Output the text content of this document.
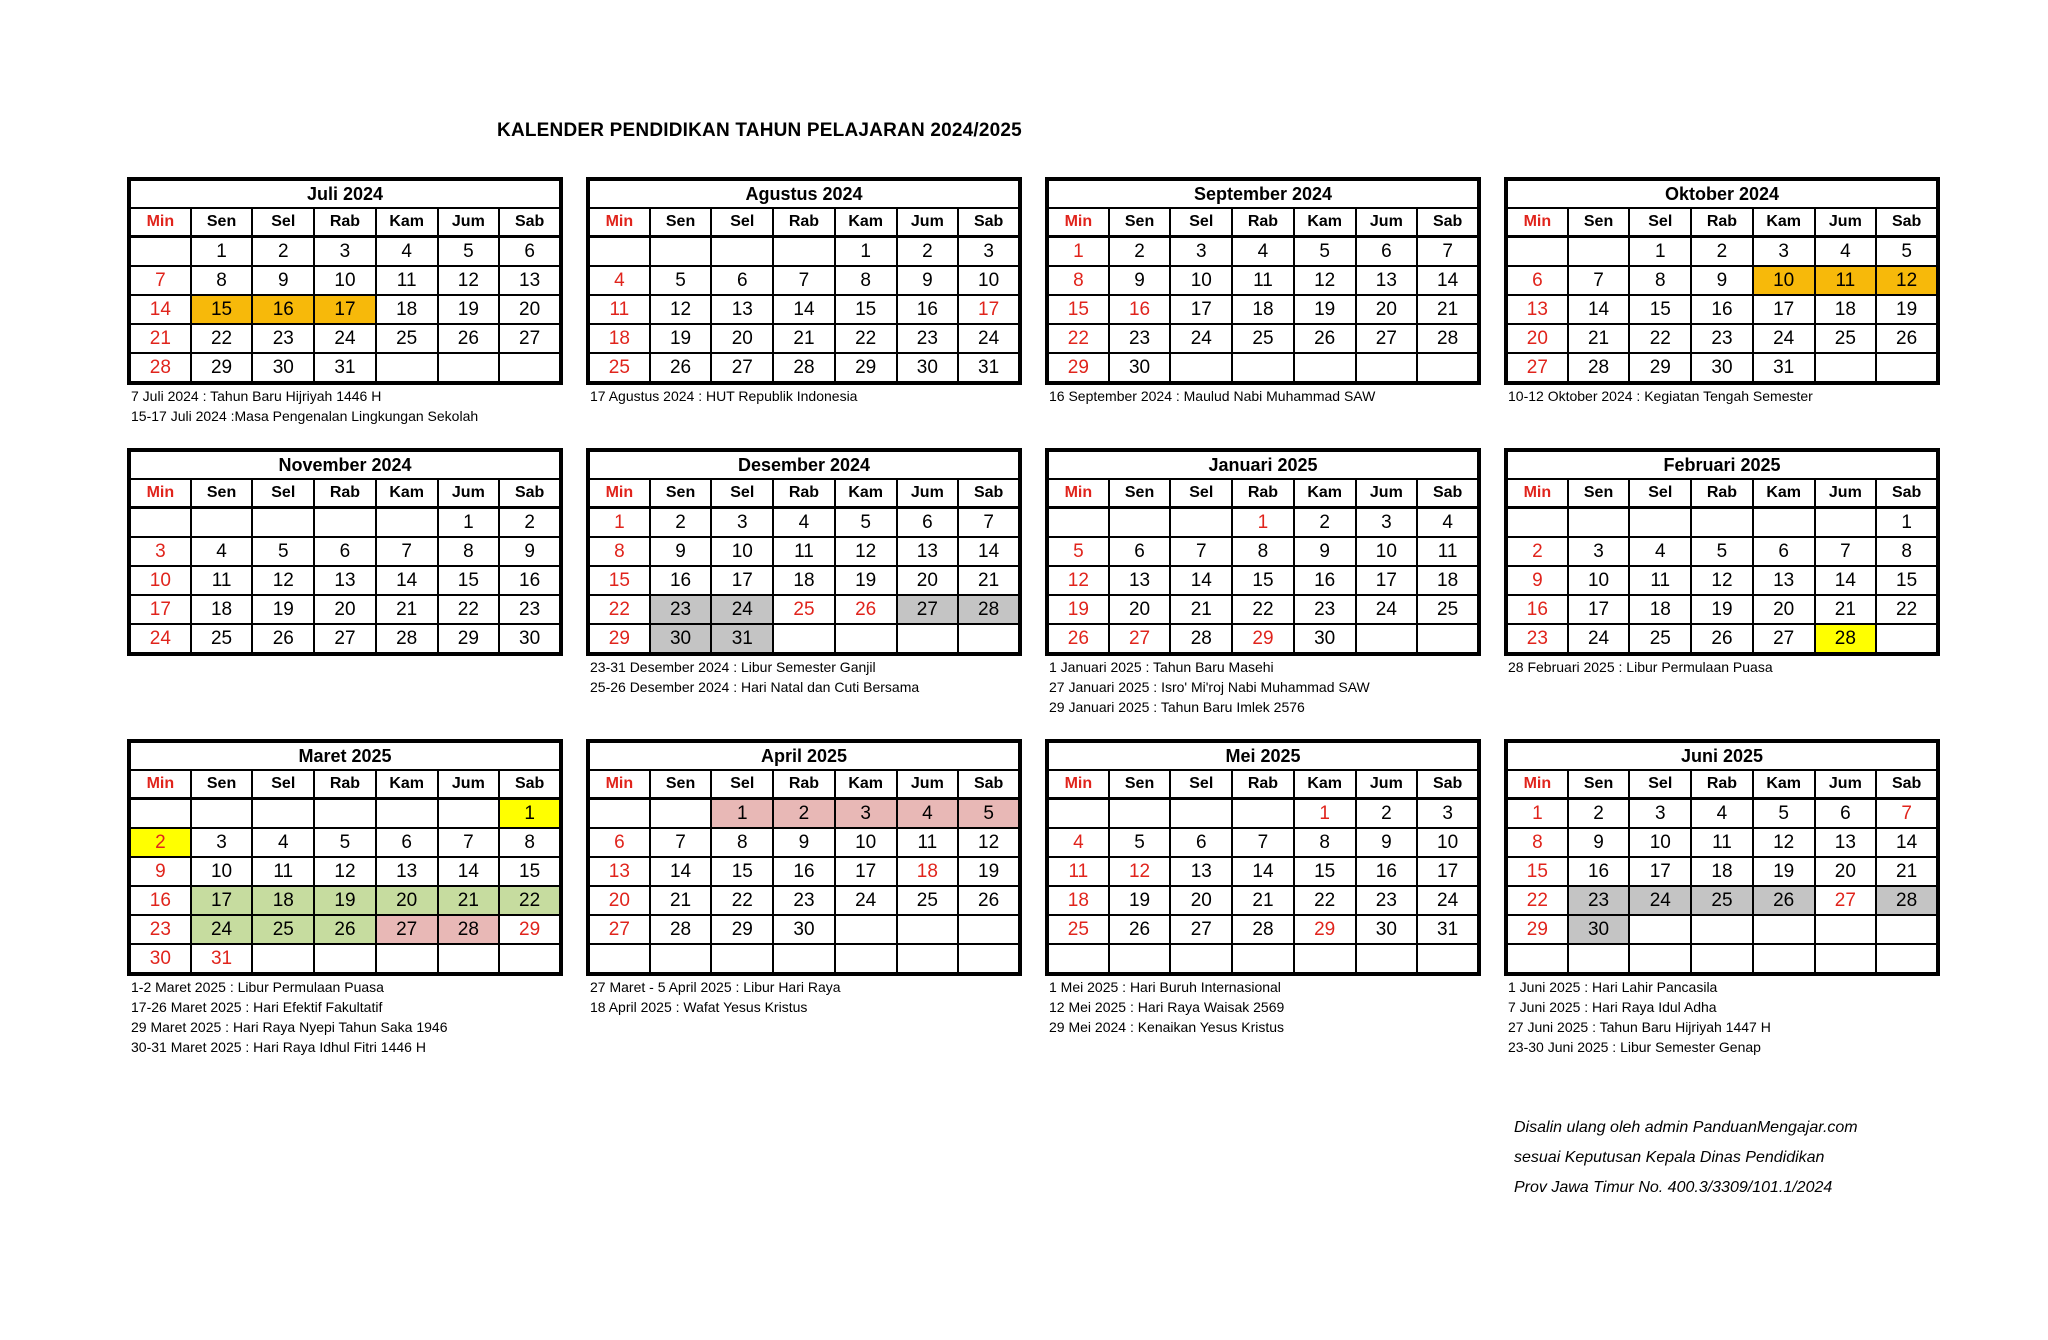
KALENDER PENDIDIKAN TAHUN PELAJARAN 2024/2025
Juli 2024						
Min	Sen	Sel	Rab	Kam	Jum	Sab
	1	2	3	4	5	6
7	8	9	10	11	12	13
14	15	16	17	18	19	20
21	22	23	24	25	26	27
28	29	30	31			
7 Juli 2024 : Tahun Baru Hijriyah 1446 H
15-17 Juli 2024 :Masa Pengenalan Lingkungan Sekolah
Agustus 2024						
Min	Sen	Sel	Rab	Kam	Jum	Sab
				1	2	3
4	5	6	7	8	9	10
11	12	13	14	15	16	17
18	19	20	21	22	23	24
25	26	27	28	29	30	31
17 Agustus 2024 : HUT Republik Indonesia
September 2024						
Min	Sen	Sel	Rab	Kam	Jum	Sab
1	2	3	4	5	6	7
8	9	10	11	12	13	14
15	16	17	18	19	20	21
22	23	24	25	26	27	28
29	30					
16 September 2024 : Maulud Nabi Muhammad SAW
Oktober 2024						
Min	Sen	Sel	Rab	Kam	Jum	Sab
		1	2	3	4	5
6	7	8	9	10	11	12
13	14	15	16	17	18	19
20	21	22	23	24	25	26
27	28	29	30	31		
10-12 Oktober 2024 : Kegiatan Tengah Semester
November 2024						
Min	Sen	Sel	Rab	Kam	Jum	Sab
					1	2
3	4	5	6	7	8	9
10	11	12	13	14	15	16
17	18	19	20	21	22	23
24	25	26	27	28	29	30
Desember 2024						
Min	Sen	Sel	Rab	Kam	Jum	Sab
1	2	3	4	5	6	7
8	9	10	11	12	13	14
15	16	17	18	19	20	21
22	23	24	25	26	27	28
29	30	31				
23-31 Desember 2024 : Libur Semester Ganjil
25-26 Desember 2024 : Hari Natal dan Cuti Bersama
Januari 2025						
Min	Sen	Sel	Rab	Kam	Jum	Sab
			1	2	3	4
5	6	7	8	9	10	11
12	13	14	15	16	17	18
19	20	21	22	23	24	25
26	27	28	29	30		
1 Januari 2025 : Tahun Baru Masehi
27 Januari 2025 : Isro' Mi'roj Nabi Muhammad SAW
29 Januari 2025 : Tahun Baru Imlek 2576
Februari 2025						
Min	Sen	Sel	Rab	Kam	Jum	Sab
						1
2	3	4	5	6	7	8
9	10	11	12	13	14	15
16	17	18	19	20	21	22
23	24	25	26	27	28	
28 Februari 2025 : Libur Permulaan Puasa
Maret 2025						
Min	Sen	Sel	Rab	Kam	Jum	Sab
						1
2	3	4	5	6	7	8
9	10	11	12	13	14	15
16	17	18	19	20	21	22
23	24	25	26	27	28	29
30	31					
1-2 Maret 2025 : Libur Permulaan Puasa
17-26 Maret 2025 : Hari Efektif Fakultatif
29 Maret 2025 : Hari Raya Nyepi Tahun Saka 1946
30-31 Maret 2025 : Hari Raya Idhul Fitri 1446 H
April 2025						
Min	Sen	Sel	Rab	Kam	Jum	Sab
		1	2	3	4	5
6	7	8	9	10	11	12
13	14	15	16	17	18	19
20	21	22	23	24	25	26
27	28	29	30			

27 Maret - 5 April 2025 : Libur Hari Raya
18 April 2025 : Wafat Yesus Kristus
Mei 2025						
Min	Sen	Sel	Rab	Kam	Jum	Sab
				1	2	3
4	5	6	7	8	9	10
11	12	13	14	15	16	17
18	19	20	21	22	23	24
25	26	27	28	29	30	31

1 Mei 2025 : Hari Buruh Internasional
12 Mei 2025 : Hari Raya Waisak 2569
29 Mei 2024 : Kenaikan Yesus Kristus
Juni 2025						
Min	Sen	Sel	Rab	Kam	Jum	Sab
1	2	3	4	5	6	7
8	9	10	11	12	13	14
15	16	17	18	19	20	21
22	23	24	25	26	27	28
29	30					

1 Juni 2025 : Hari Lahir Pancasila
7 Juni 2025 : Hari Raya Idul Adha
27 Juni 2025 : Tahun Baru Hijriyah 1447 H
23-30 Juni 2025 : Libur Semester Genap
Disalin ulang oleh admin PanduanMengajar.com
sesuai Keputusan Kepala Dinas Pendidikan
Prov Jawa Timur No. 400.3/3309/101.1/2024
